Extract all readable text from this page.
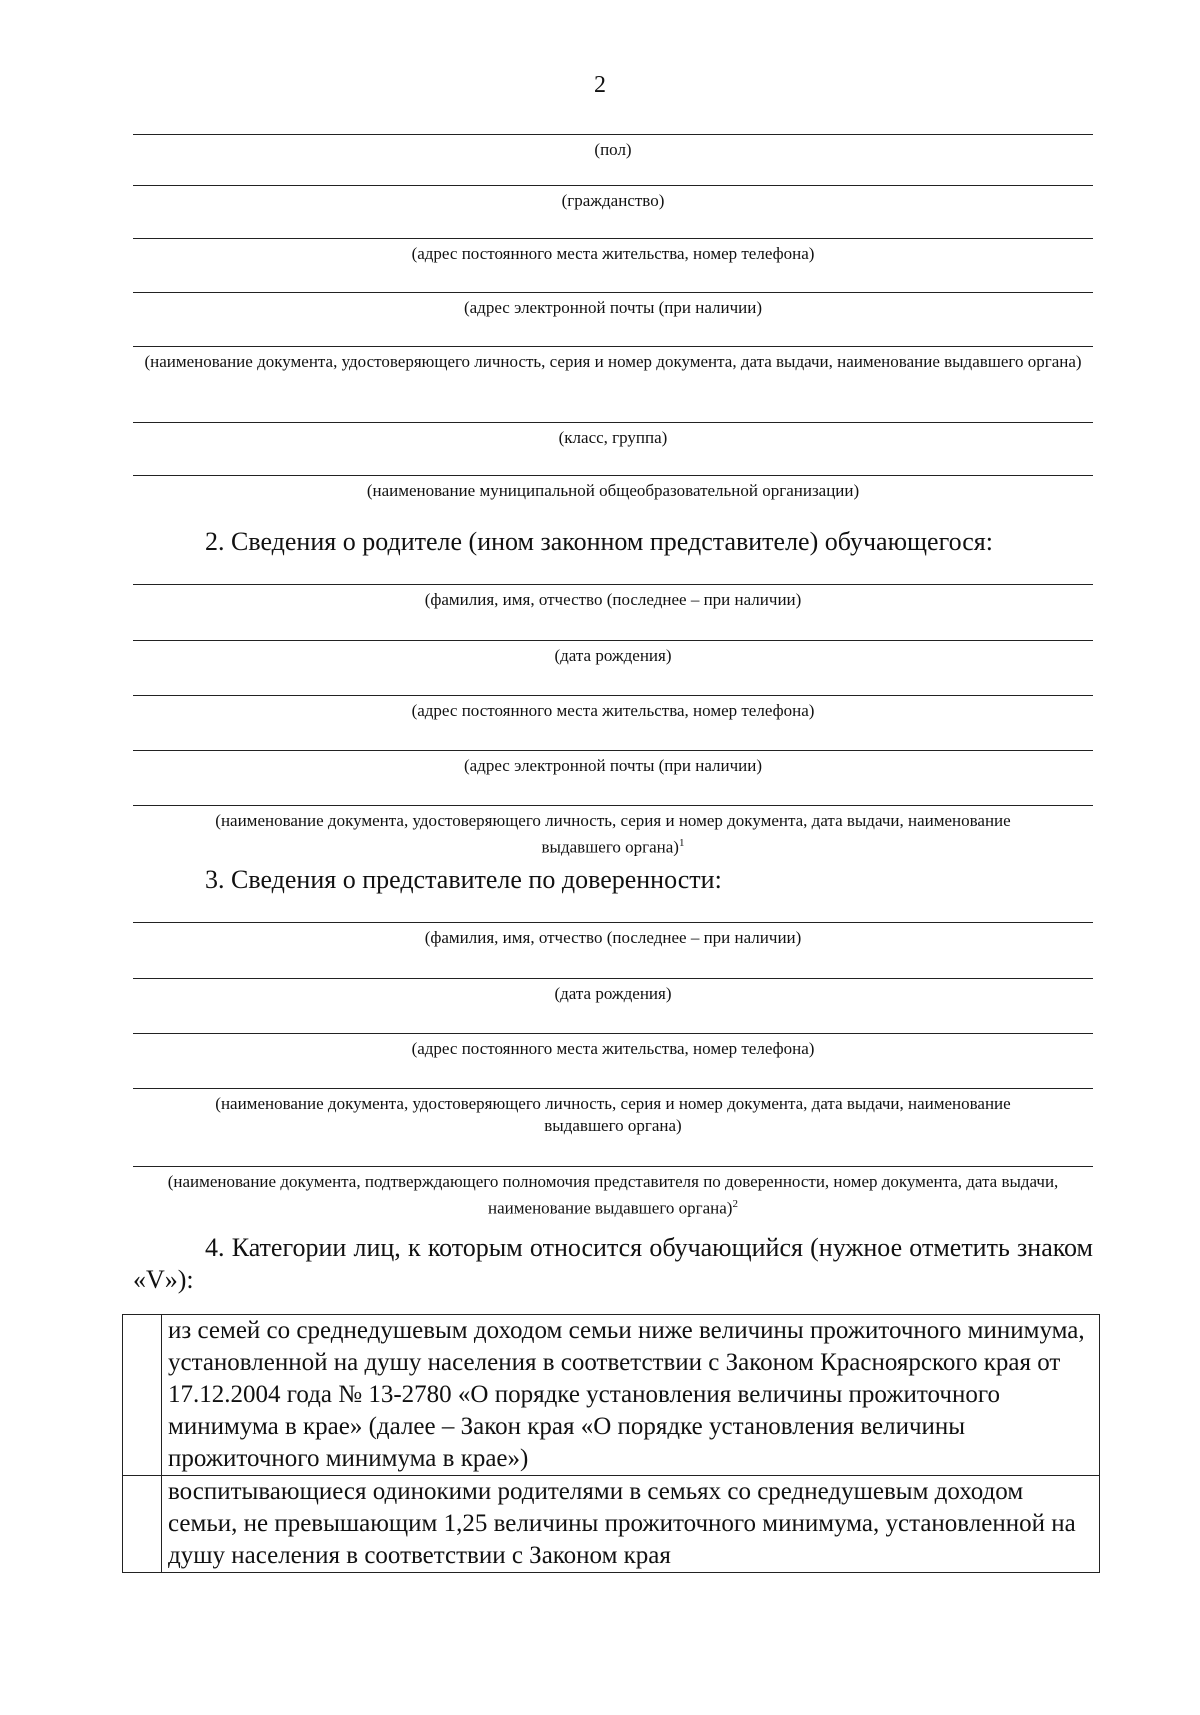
2
(пол)
(гражданство)
(адрес постоянного места жительства, номер телефона)
(адрес электронной почты (при наличии)
(наименование документа, удостоверяющего личность, серия и номер документа, дата выдачи, наименование выдавшего органа)
(класс, группа)
(наименование муниципальной общеобразовательной организации)
2. Сведения о родителе (ином законном представителе) обучающегося:
(фамилия, имя, отчество (последнее – при наличии)
(дата рождения)
(адрес постоянного места жительства, номер телефона)
(адрес электронной почты (при наличии)
(наименование документа, удостоверяющего личность, серия и номер документа, дата выдачи, наименование выдавшего органа)$^1$
3. Сведения о представителе по доверенности:
(фамилия, имя, отчество (последнее – при наличии)
(дата рождения)
(адрес постоянного места жительства, номер телефона)
(наименование документа, удостоверяющего личность, серия и номер документа, дата выдачи, наименование выдавшего органа)
(наименование документа, подтверждающего полномочия представителя по доверенности, номер документа, дата выдачи, наименование выдавшего органа)$^2$
4. Категории лиц, к которым относится обучающийся (нужное отметить знаком «V»):
	из семей со среднедушевым доходом семьи ниже величины прожиточного минимума, установленной на душу населения в соответствии с Законом Красноярского края от 17.12.2004 года № 13-2780 «О порядке установления величины прожиточного минимума в крае» (далее – Закон края «О порядке установления величины прожиточного минимума в крае»)
	воспитывающиеся одинокими родителями в семьях со среднедушевым доходом семьи, не превышающим 1,25 величины прожиточного минимума, установленной на душу населения в соответствии с Законом края
